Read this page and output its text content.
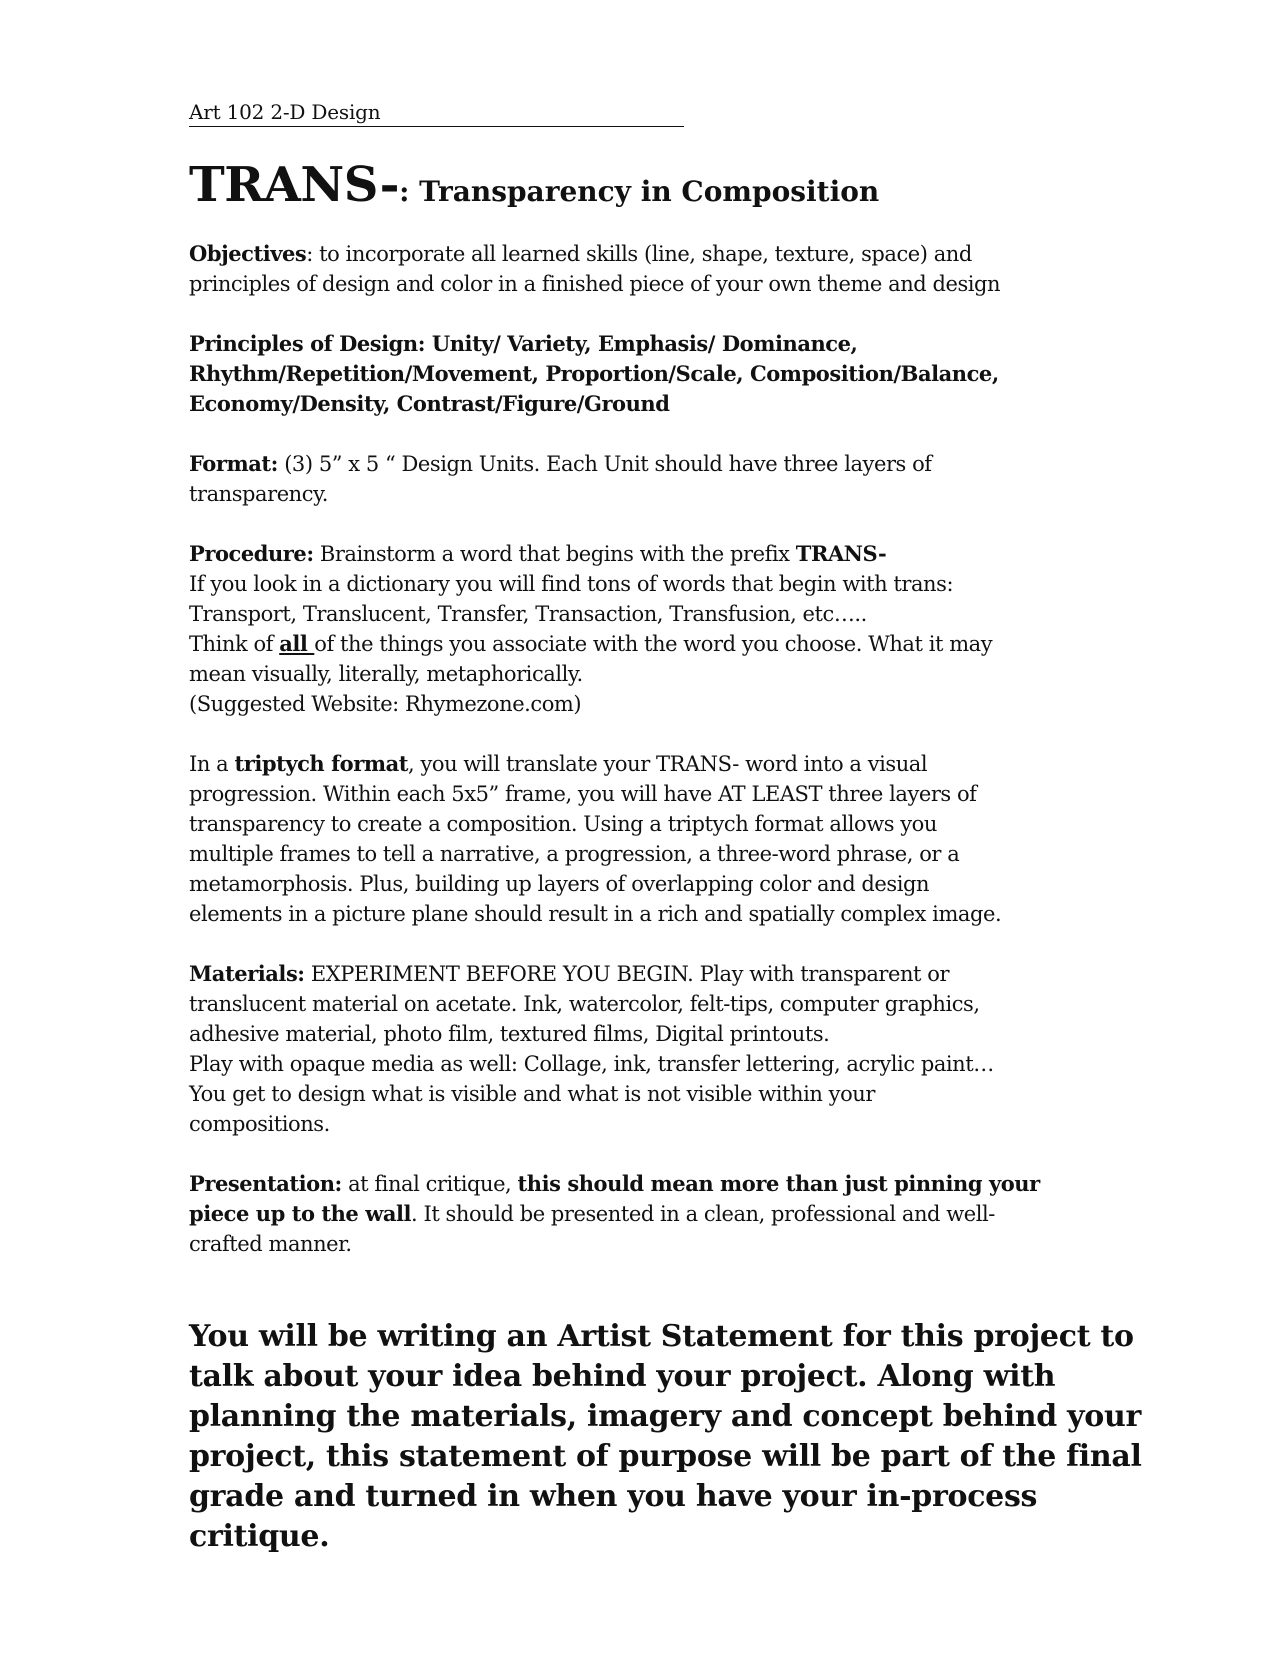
Art 102 2-D Design
TRANS-: Transparency in Composition

Objectives: to incorporate all learned skills (line, shape, texture, space) and

principles of design and color in a finished piece of your own theme and design

Principles of Design: Unity/ Variety, Emphasis/ Dominance,

Rhythm/Repetition/Movement, Proportion/Scale, Composition/Balance,

Economy/Density, Contrast/Figure/Ground

Format: (3) 5” x 5 “ Design Units. Each Unit should have three layers of

transparency.

Procedure: Brainstorm a word that begins with the prefix TRANS-

If you look in a dictionary you will find tons of words that begin with trans:

Transport, Translucent, Transfer, Transaction, Transfusion, etc…..

Think of all of the things you associate with the word you choose. What it may

mean visually, literally, metaphorically.

(Suggested Website: Rhymezone.com)

In a triptych format, you will translate your TRANS- word into a visual

progression. Within each 5x5” frame, you will have AT LEAST three layers of

transparency to create a composition. Using a triptych format allows you

multiple frames to tell a narrative, a progression, a three-word phrase, or a

metamorphosis. Plus, building up layers of overlapping color and design

elements in a picture plane should result in a rich and spatially complex image.

Materials: EXPERIMENT BEFORE YOU BEGIN. Play with transparent or

translucent material on acetate. Ink, watercolor, felt-tips, computer graphics,

adhesive material, photo film, textured films, Digital printouts.

Play with opaque media as well: Collage, ink, transfer lettering, acrylic paint…

You get to design what is visible and what is not visible within your

compositions.

Presentation: at final critique, this should mean more than just pinning your

piece up to the wall. It should be presented in a clean, professional and well-

crafted manner.

You will be writing an Artist Statement for this project to

talk about your idea behind your project. Along with

planning the materials, imagery and concept behind your

project, this statement of purpose will be part of the final

grade and turned in when you have your in-process

critique.
